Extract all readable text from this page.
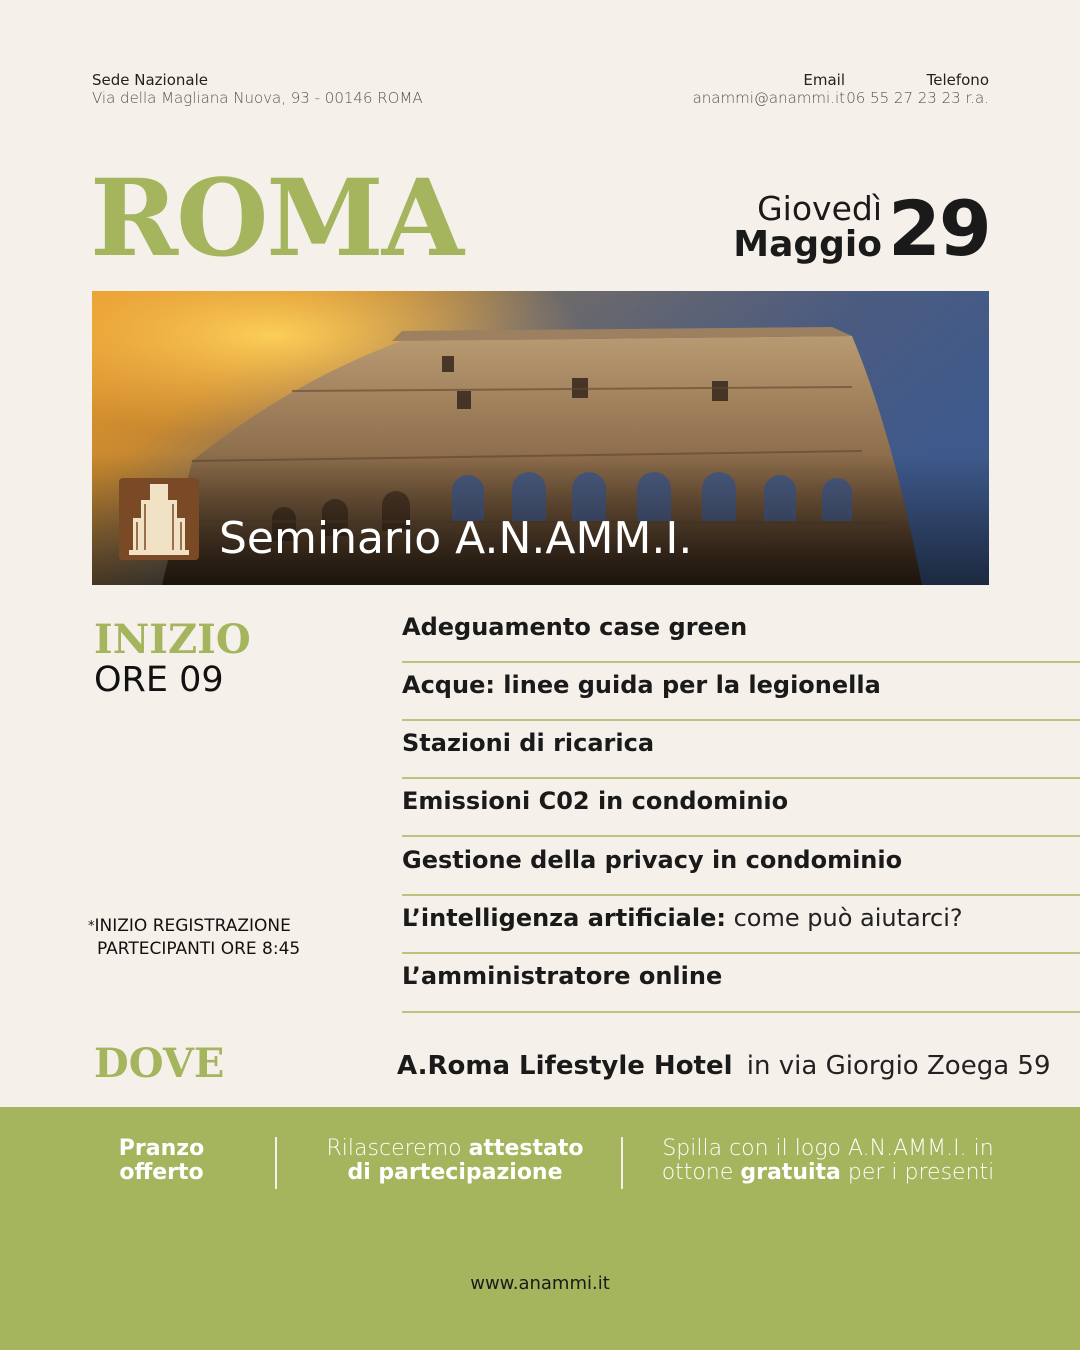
Sede Nazionale
Via della Magliana Nuova, 93 - 00146 ROMA
Email
anammi@anammi.it
Telefono
06 55 27 23 23 r.a.
ROMA	Giovedì
Maggio 29
Seminario A.N.AMM.I.
INIZIO
ORE 09
*INIZIO REGISTRAZIONE
PARTECIPANTI ORE 8:45
Adeguamento case green
Acque: linee guida per la legionella
Stazioni di ricarica
Emissioni C02 in condominio
Gestione della privacy in condominio
L’intelligenza artificiale: come può aiutarci?
L’amministratore online
DOVE	A.Roma Lifestyle Hotel in via Giorgio Zoega 59
Pranzo
offerto
Rilasceremo attestato
di partecipazione
Spilla con il logo A.N.AMM.I. in
ottone gratuita per i presenti
www.anammi.it
